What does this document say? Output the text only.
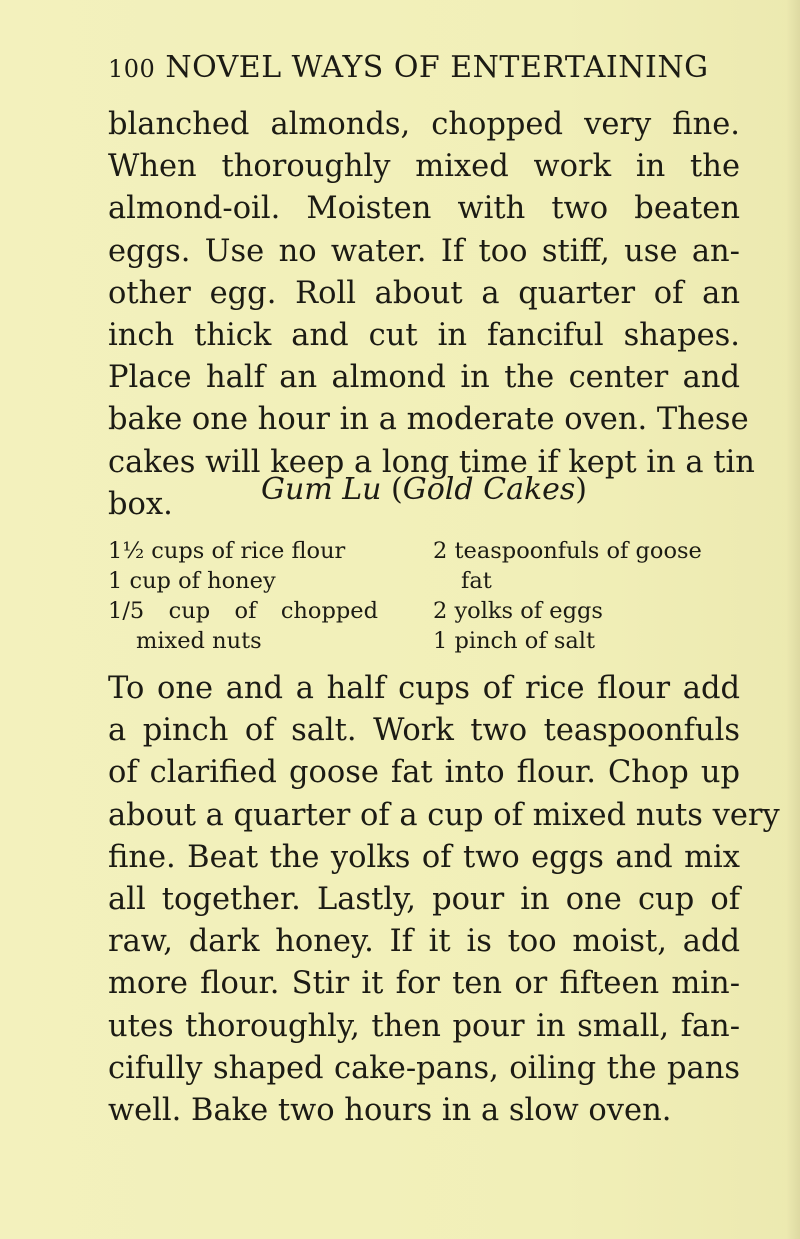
100 NOVEL WAYS OF ENTERTAINING
blanched almonds, chopped very fine.
When thoroughly mixed work in the
almond-oil. Moisten with two beaten
eggs. Use no water. If too stiff, use an-
other egg. Roll about a quarter of an
inch thick and cut in fanciful shapes.
Place half an almond in the center and
bake one hour in a moderate oven. These
cakes will keep a long time if kept in a tin
box.	Gum Lu (Gold Cakes)
1½ cups of rice flour
1 cup of honey
1/5 cup of chopped
mixed nuts
2 teaspoonfuls of goose
fat
2 yolks of eggs
1 pinch of salt
To one and a half cups of rice flour add
a pinch of salt. Work two teaspoonfuls
of clarified goose fat into flour. Chop up
about a quarter of a cup of mixed nuts very
fine. Beat the yolks of two eggs and mix
all together. Lastly, pour in one cup of
raw, dark honey. If it is too moist, add
more flour. Stir it for ten or fifteen min-
utes thoroughly, then pour in small, fan-
cifully shaped cake-pans, oiling the pans
well. Bake two hours in a slow oven.
